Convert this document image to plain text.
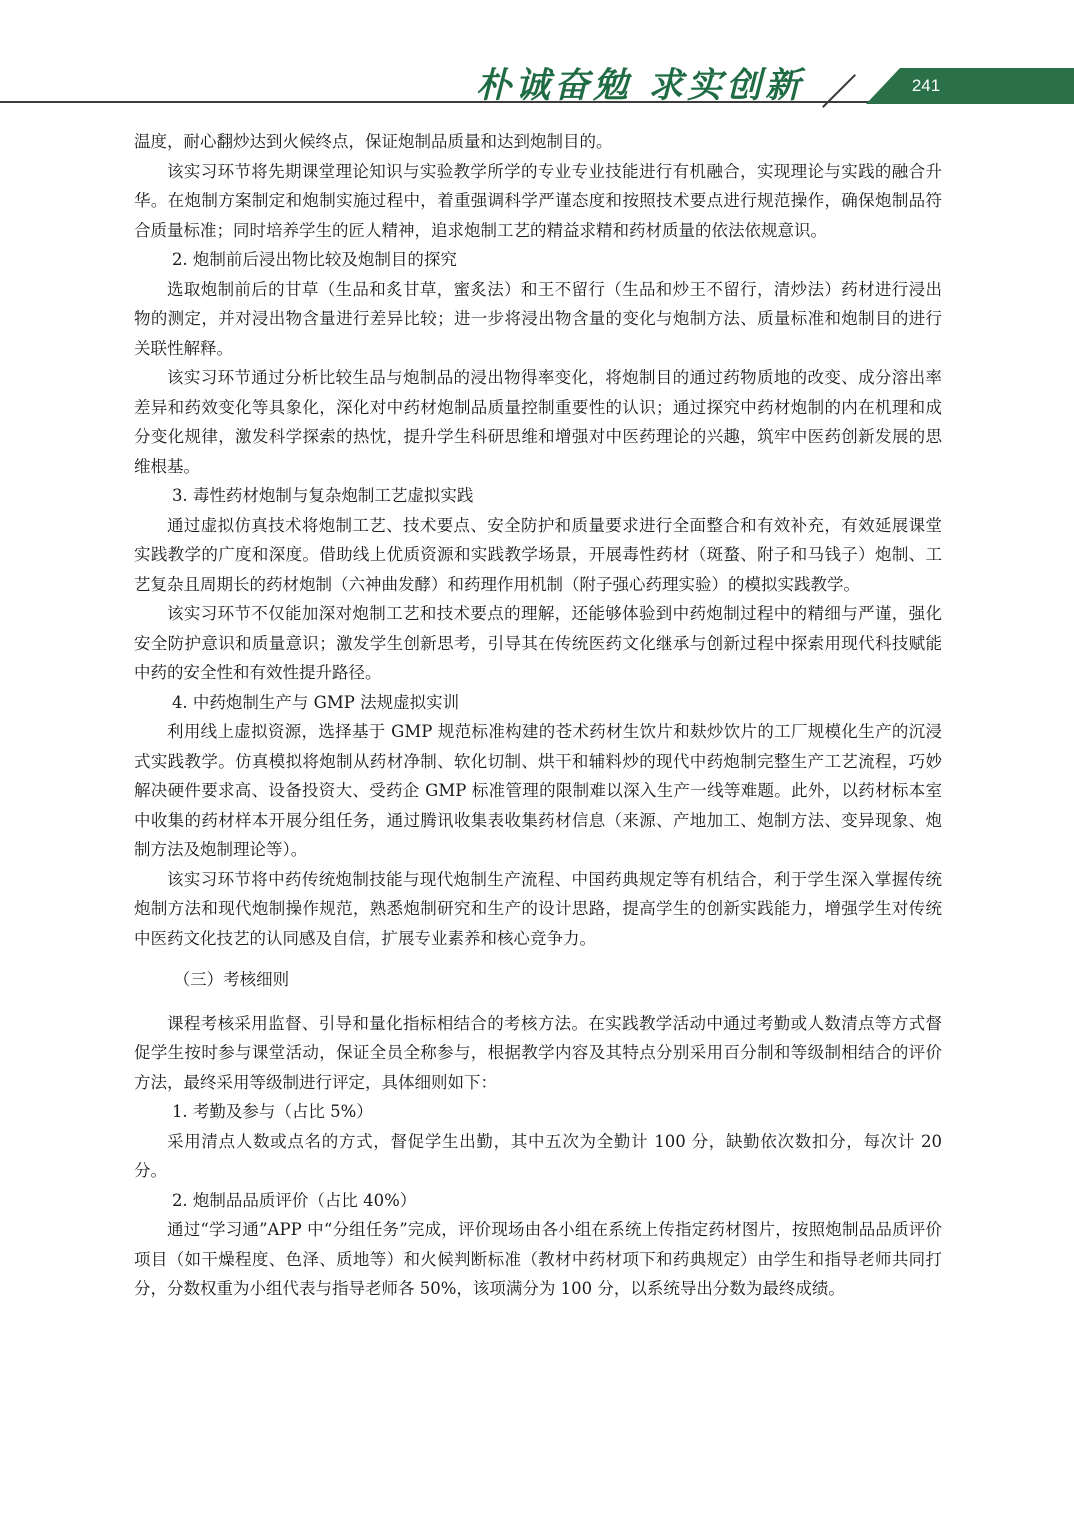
朴诚奋勉 求实创新	241

温度，耐心翻炒达到火候终点，保证炮制品质量和达到炮制目的。

该实习环节将先期课堂理论知识与实验教学所学的专业专业技能进行有机融合，实现理论与实践的融合升华。在炮制方案制定和炮制实施过程中，着重强调科学严谨态度和按照技术要点进行规范操作，确保炮制品符合质量标准；同时培养学生的匠人精神，追求炮制工艺的精益求精和药材质量的依法依规意识。

2. 炮制前后浸出物比较及炮制目的探究

选取炮制前后的甘草（生品和炙甘草，蜜炙法）和王不留行（生品和炒王不留行，清炒法）药材进行浸出物的测定，并对浸出物含量进行差异比较；进一步将浸出物含量的变化与炮制方法、质量标准和炮制目的进行关联性解释。

该实习环节通过分析比较生品与炮制品的浸出物得率变化，将炮制目的通过药物质地的改变、成分溶出率差异和药效变化等具象化，深化对中药材炮制品质量控制重要性的认识；通过探究中药材炮制的内在机理和成分变化规律，激发科学探索的热忱，提升学生科研思维和增强对中医药理论的兴趣，筑牢中医药创新发展的思维根基。

3. 毒性药材炮制与复杂炮制工艺虚拟实践

通过虚拟仿真技术将炮制工艺、技术要点、安全防护和质量要求进行全面整合和有效补充，有效延展课堂实践教学的广度和深度。借助线上优质资源和实践教学场景，开展毒性药材（斑蝥、附子和马钱子）炮制、工艺复杂且周期长的药材炮制（六神曲发酵）和药理作用机制（附子强心药理实验）的模拟实践教学。

该实习环节不仅能加深对炮制工艺和技术要点的理解，还能够体验到中药炮制过程中的精细与严谨，强化安全防护意识和质量意识；激发学生创新思考，引导其在传统医药文化继承与创新过程中探索用现代科技赋能中药的安全性和有效性提升路径。

4. 中药炮制生产与 GMP 法规虚拟实训

利用线上虚拟资源，选择基于 GMP 规范标准构建的苍术药材生饮片和麸炒饮片的工厂规模化生产的沉浸式实践教学。仿真模拟将炮制从药材净制、软化切制、烘干和辅料炒的现代中药炮制完整生产工艺流程，巧妙解决硬件要求高、设备投资大、受药企 GMP 标准管理的限制难以深入生产一线等难题。此外，以药材标本室中收集的药材样本开展分组任务，通过腾讯收集表收集药材信息（来源、产地加工、炮制方法、变异现象、炮制方法及炮制理论等）。

该实习环节将中药传统炮制技能与现代炮制生产流程、中国药典规定等有机结合，利于学生深入掌握传统炮制方法和现代炮制操作规范，熟悉炮制研究和生产的设计思路，提高学生的创新实践能力，增强学生对传统中医药文化技艺的认同感及自信，扩展专业素养和核心竞争力。

（三）考核细则

课程考核采用监督、引导和量化指标相结合的考核方法。在实践教学活动中通过考勤或人数清点等方式督促学生按时参与课堂活动，保证全员全称参与，根据教学内容及其特点分别采用百分制和等级制相结合的评价方法，最终采用等级制进行评定，具体细则如下：

1. 考勤及参与（占比 5%）

采用清点人数或点名的方式，督促学生出勤，其中五次为全勤计 100 分，缺勤依次数扣分，每次计 20 分。

2. 炮制品品质评价（占比 40%）

通过“学习通”APP 中“分组任务”完成，评价现场由各小组在系统上传指定药材图片，按照炮制品品质评价项目（如干燥程度、色泽、质地等）和火候判断标准（教材中药材项下和药典规定）由学生和指导老师共同打分，分数权重为小组代表与指导老师各 50%，该项满分为 100 分，以系统导出分数为最终成绩。
